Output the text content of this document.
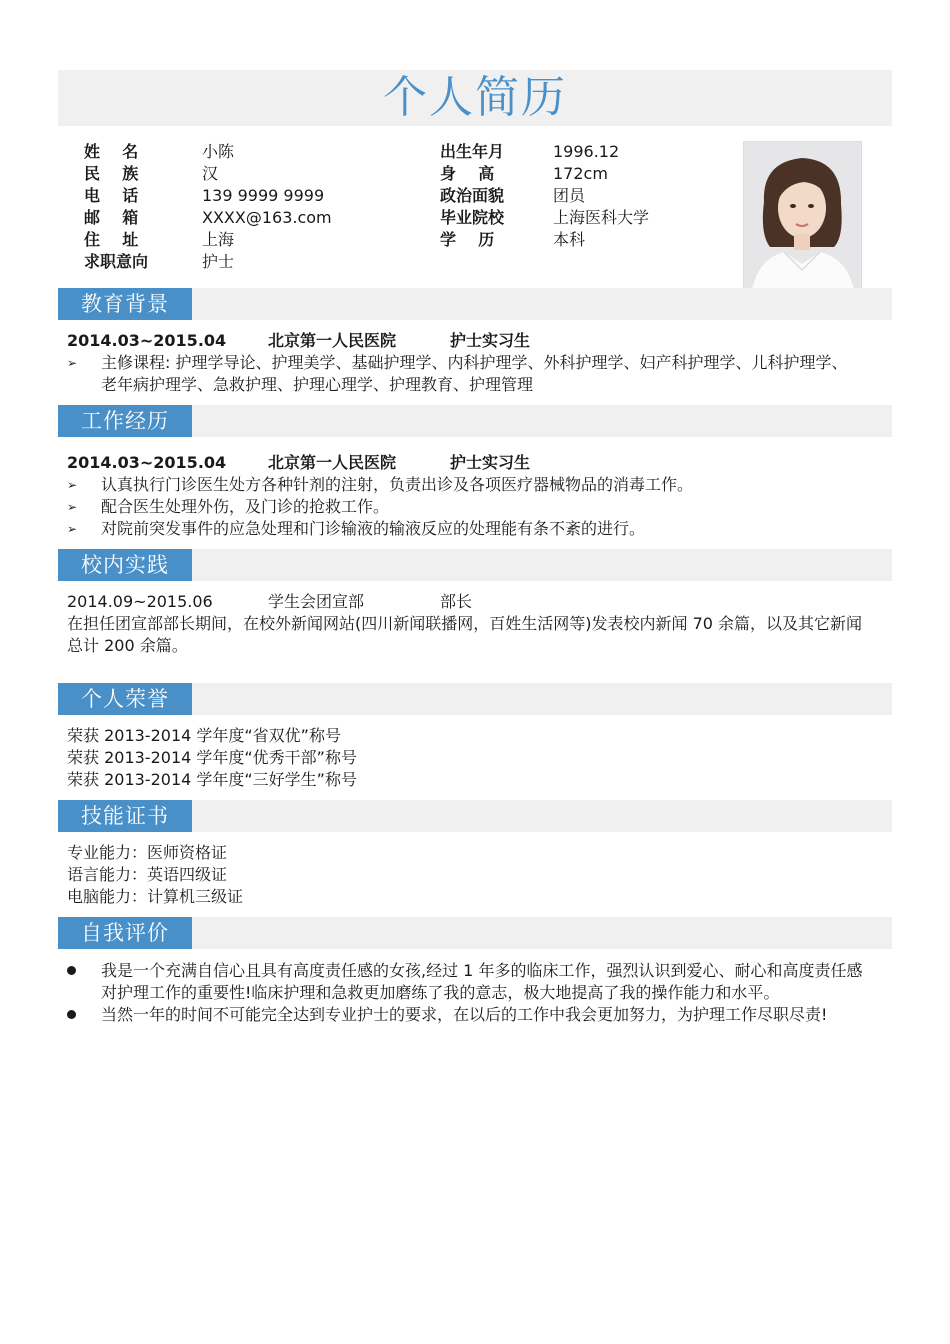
个人简历
姓    名	小陈
民    族	汉
电    话	139 9999 9999
邮    箱	XXXX@163.com
住    址	上海
求职意向	护士
出生年月	1996.12
身    高	172cm
政治面貌	团员
毕业院校	上海医科大学
学    历	本科
教育背景
2014.03~2015.04	北京第一人民医院	护士实习生
➢	主修课程: 护理学导论、护理美学、基础护理学、内科护理学、外科护理学、妇产科护理学、儿科护理学、
老年病护理学、急救护理、护理心理学、护理教育、护理管理
工作经历
2014.03~2015.04	北京第一人民医院	护士实习生
➢	认真执行门诊医生处方各种针剂的注射，负责出诊及各项医疗器械物品的消毒工作。
➢	配合医生处理外伤，及门诊的抢救工作。
➢	对院前突发事件的应急处理和门诊输液的输液反应的处理能有条不紊的进行。
校内实践
2014.09~2015.06	学生会团宣部	部长
在担任团宣部部长期间，在校外新闻网站(四川新闻联播网，百姓生活网等)发表校内新闻 70 余篇，以及其它新闻
总计 200 余篇。
个人荣誉
荣获 2013-2014 学年度“省双优”称号
荣获 2013-2014 学年度“优秀干部”称号
荣获 2013-2014 学年度“三好学生”称号
技能证书
专业能力：医师资格证
语言能力：英语四级证
电脑能力：计算机三级证
自我评价
我是一个充满自信心且具有高度责任感的女孩,经过 1 年多的临床工作，强烈认识到爱心、耐心和高度责任感
对护理工作的重要性!临床护理和急救更加磨练了我的意志，极大地提高了我的操作能力和水平。
当然一年的时间不可能完全达到专业护士的要求，在以后的工作中我会更加努力，为护理工作尽职尽责!
